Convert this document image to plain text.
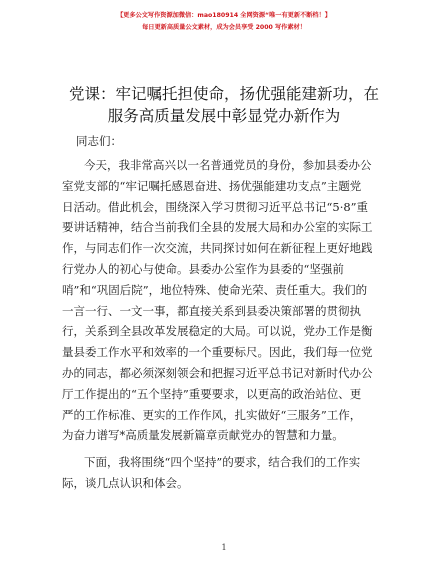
【更多公文写作资源加微信：mao180914 全网资源“唯一有更新不断档！】
每日更新高质量公文素材，成为会员享受 2000 写作素材！
党课：牢记嘱托担使命，扬优强能建新功，在
服务高质量发展中彰显党办新作为
同志们：
今天，我非常高兴以一名普通党员的身份，参加县委办公
室党支部的“牢记嘱托感恩奋进、扬优强能建功支点”主题党
日活动。借此机会，围绕深入学习贯彻习近平总书记“5·8”重
要讲话精神，结合当前我们全县的发展大局和办公室的实际工
作，与同志们作一次交流，共同探讨如何在新征程上更好地践
行党办人的初心与使命。县委办公室作为县委的“坚强前
哨”和“巩固后院”，地位特殊、使命光荣、责任重大。我们的
一言一行、一文一事，都直接关系到县委决策部署的贯彻执
行，关系到全县改革发展稳定的大局。可以说，党办工作是衡
量县委工作水平和效率的一个重要标尺。因此，我们每一位党
办的同志，都必须深刻领会和把握习近平总书记对新时代办公
厅工作提出的“五个坚持”重要要求，以更高的政治站位、更
严的工作标准、更实的工作作风，扎实做好“三服务”工作，
为奋力谱写*高质量发展新篇章贡献党办的智慧和力量。
下面，我将围绕“四个坚持”的要求，结合我们的工作实
际，谈几点认识和体会。
1
